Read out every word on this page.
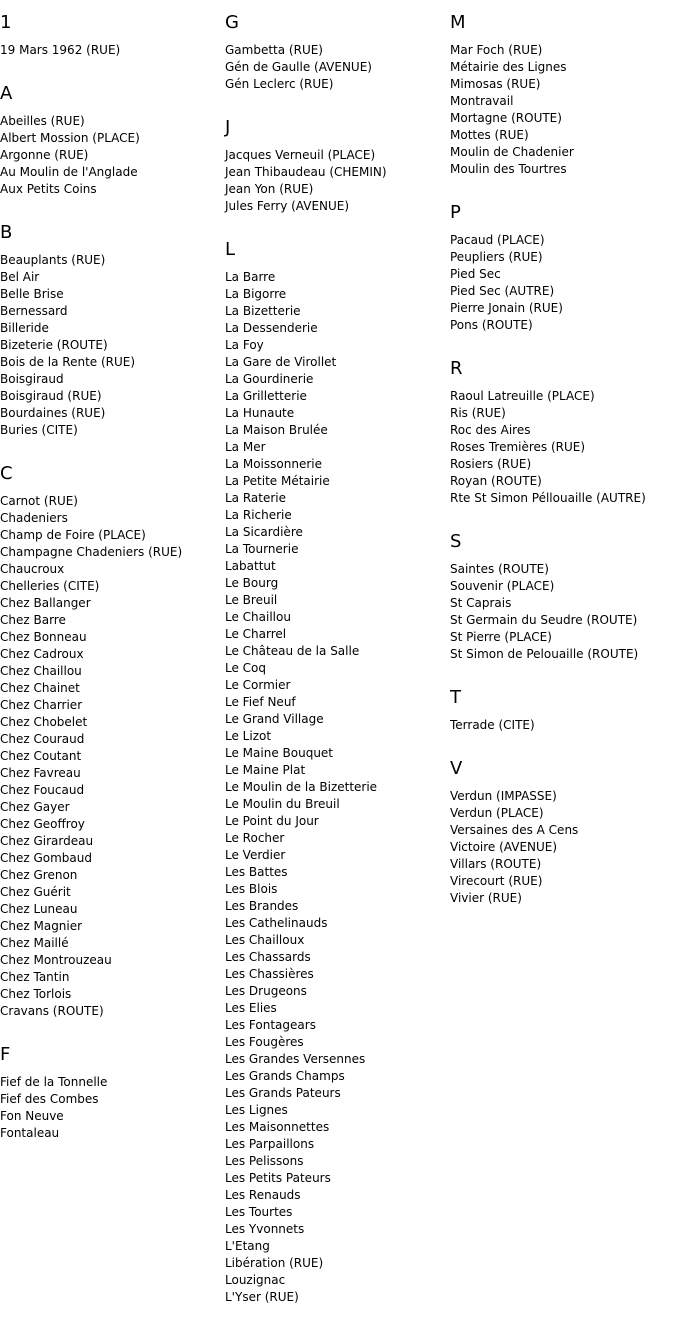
1
19 Mars 1962 (RUE)
A
Abeilles (RUE)
Albert Mossion (PLACE)
Argonne (RUE)
Au Moulin de l'Anglade
Aux Petits Coins
B
Beauplants (RUE)
Bel Air
Belle Brise
Bernessard
Billeride
Bizeterie (ROUTE)
Bois de la Rente (RUE)
Boisgiraud
Boisgiraud (RUE)
Bourdaines (RUE)
Buries (CITE)
C
Carnot (RUE)
Chadeniers
Champ de Foire (PLACE)
Champagne Chadeniers (RUE)
Chaucroux
Chelleries (CITE)
Chez Ballanger
Chez Barre
Chez Bonneau
Chez Cadroux
Chez Chaillou
Chez Chainet
Chez Charrier
Chez Chobelet
Chez Couraud
Chez Coutant
Chez Favreau
Chez Foucaud
Chez Gayer
Chez Geoffroy
Chez Girardeau
Chez Gombaud
Chez Grenon
Chez Guérit
Chez Luneau
Chez Magnier
Chez Maillé
Chez Montrouzeau
Chez Tantin
Chez Torlois
Cravans (ROUTE)
F
Fief de la Tonnelle
Fief des Combes
Fon Neuve
Fontaleau
G
Gambetta (RUE)
Gén de Gaulle (AVENUE)
Gén Leclerc (RUE)
J
Jacques Verneuil (PLACE)
Jean Thibaudeau (CHEMIN)
Jean Yon (RUE)
Jules Ferry (AVENUE)
L
La Barre
La Bigorre
La Bizetterie
La Dessenderie
La Foy
La Gare de Virollet
La Gourdinerie
La Grilletterie
La Hunaute
La Maison Brulée
La Mer
La Moissonnerie
La Petite Métairie
La Raterie
La Richerie
La Sicardière
La Tournerie
Labattut
Le Bourg
Le Breuil
Le Chaillou
Le Charrel
Le Château de la Salle
Le Coq
Le Cormier
Le Fief Neuf
Le Grand Village
Le Lizot
Le Maine Bouquet
Le Maine Plat
Le Moulin de la Bizetterie
Le Moulin du Breuil
Le Point du Jour
Le Rocher
Le Verdier
Les Battes
Les Blois
Les Brandes
Les Cathelinauds
Les Chailloux
Les Chassards
Les Chassières
Les Drugeons
Les Elies
Les Fontagears
Les Fougères
Les Grandes Versennes
Les Grands Champs
Les Grands Pateurs
Les Lignes
Les Maisonnettes
Les Parpaillons
Les Pelissons
Les Petits Pateurs
Les Renauds
Les Tourtes
Les Yvonnets
L'Etang
Libération (RUE)
Louzignac
L'Yser (RUE)
M
Mar Foch (RUE)
Métairie des Lignes
Mimosas (RUE)
Montravail
Mortagne (ROUTE)
Mottes (RUE)
Moulin de Chadenier
Moulin des Tourtres
P
Pacaud (PLACE)
Peupliers (RUE)
Pied Sec
Pied Sec (AUTRE)
Pierre Jonain (RUE)
Pons (ROUTE)
R
Raoul Latreuille (PLACE)
Ris (RUE)
Roc des Aires
Roses Tremières (RUE)
Rosiers (RUE)
Royan (ROUTE)
Rte St Simon Péllouaille (AUTRE)
S
Saintes (ROUTE)
Souvenir (PLACE)
St Caprais
St Germain du Seudre (ROUTE)
St Pierre (PLACE)
St Simon de Pelouaille (ROUTE)
T
Terrade (CITE)
V
Verdun (IMPASSE)
Verdun (PLACE)
Versaines des A Cens
Victoire (AVENUE)
Villars (ROUTE)
Virecourt (RUE)
Vivier (RUE)
